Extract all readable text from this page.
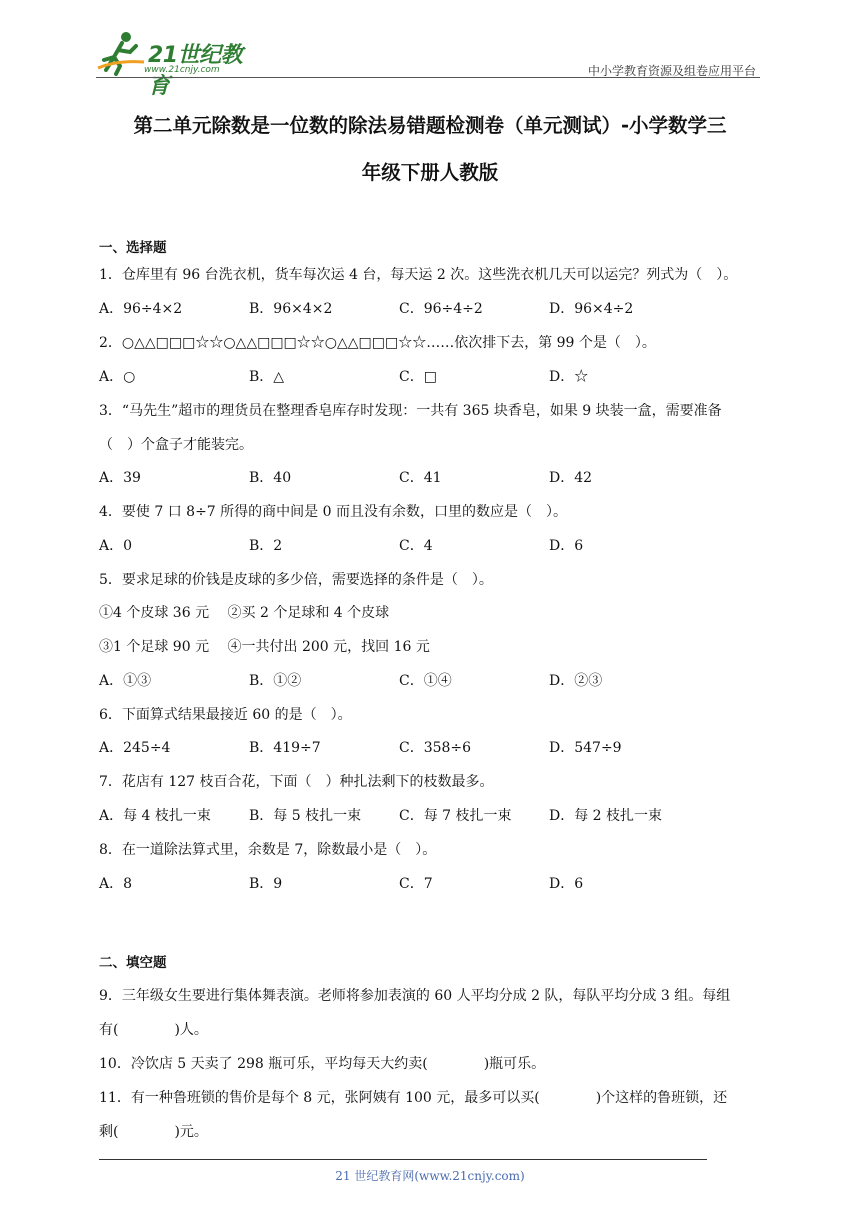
21世纪教育
www.21cnjy.com	中小学教育资源及组卷应用平台
第二单元除数是一位数的除法易错题检测卷（单元测试）-小学数学三
年级下册人教版
一、选择题
1．仓库里有 96 台洗衣机，货车每次运 4 台，每天运 2 次。这些洗衣机几天可以运完？列式为（　）。
A．96÷4×2	B．96×4×2	C．96÷4÷2	D．96×4÷2
2．○△△□□□☆☆○△△□□□☆☆○△△□□□☆☆……依次排下去，第 99 个是（　）。
A．○	B．△	C．□	D．☆
3．“马先生”超市的理货员在整理香皂库存时发现：一共有 365 块香皂，如果 9 块装一盒，需要准备
（　）个盒子才能装完。
A．39	B．40	C．41	D．42
4．要使 7 口 8÷7 所得的商中间是 0 而且没有余数，口里的数应是（　）。
A．0	B．2	C．4	D．6
5．要求足球的价钱是皮球的多少倍，需要选择的条件是（　）。
①4 个皮球 36 元　 ②买 2 个足球和 4 个皮球
③1 个足球 90 元　 ④一共付出 200 元，找回 16 元
A．①③	B．①②	C．①④	D．②③
6．下面算式结果最接近 60 的是（　）。
A．245÷4	B．419÷7	C．358÷6	D．547÷9
7．花店有 127 枝百合花，下面（　）种扎法剩下的枝数最多。
A．每 4 枝扎一束	B．每 5 枝扎一束	C．每 7 枝扎一束	D．每 2 枝扎一束
8．在一道除法算式里，余数是 7，除数最小是（　）。
A．8	B．9	C．7	D．6
二、填空题
9．三年级女生要进行集体舞表演。老师将参加表演的 60 人平均分成 2 队，每队平均分成 3 组。每组
有(　　　　)人。
10．冷饮店 5 天卖了 298 瓶可乐，平均每天大约卖(　　　　)瓶可乐。
11．有一种鲁班锁的售价是每个 8 元，张阿姨有 100 元，最多可以买(　　　　)个这样的鲁班锁，还
剩(　　　　)元。
21 世纪教育网(www.21cnjy.com)
